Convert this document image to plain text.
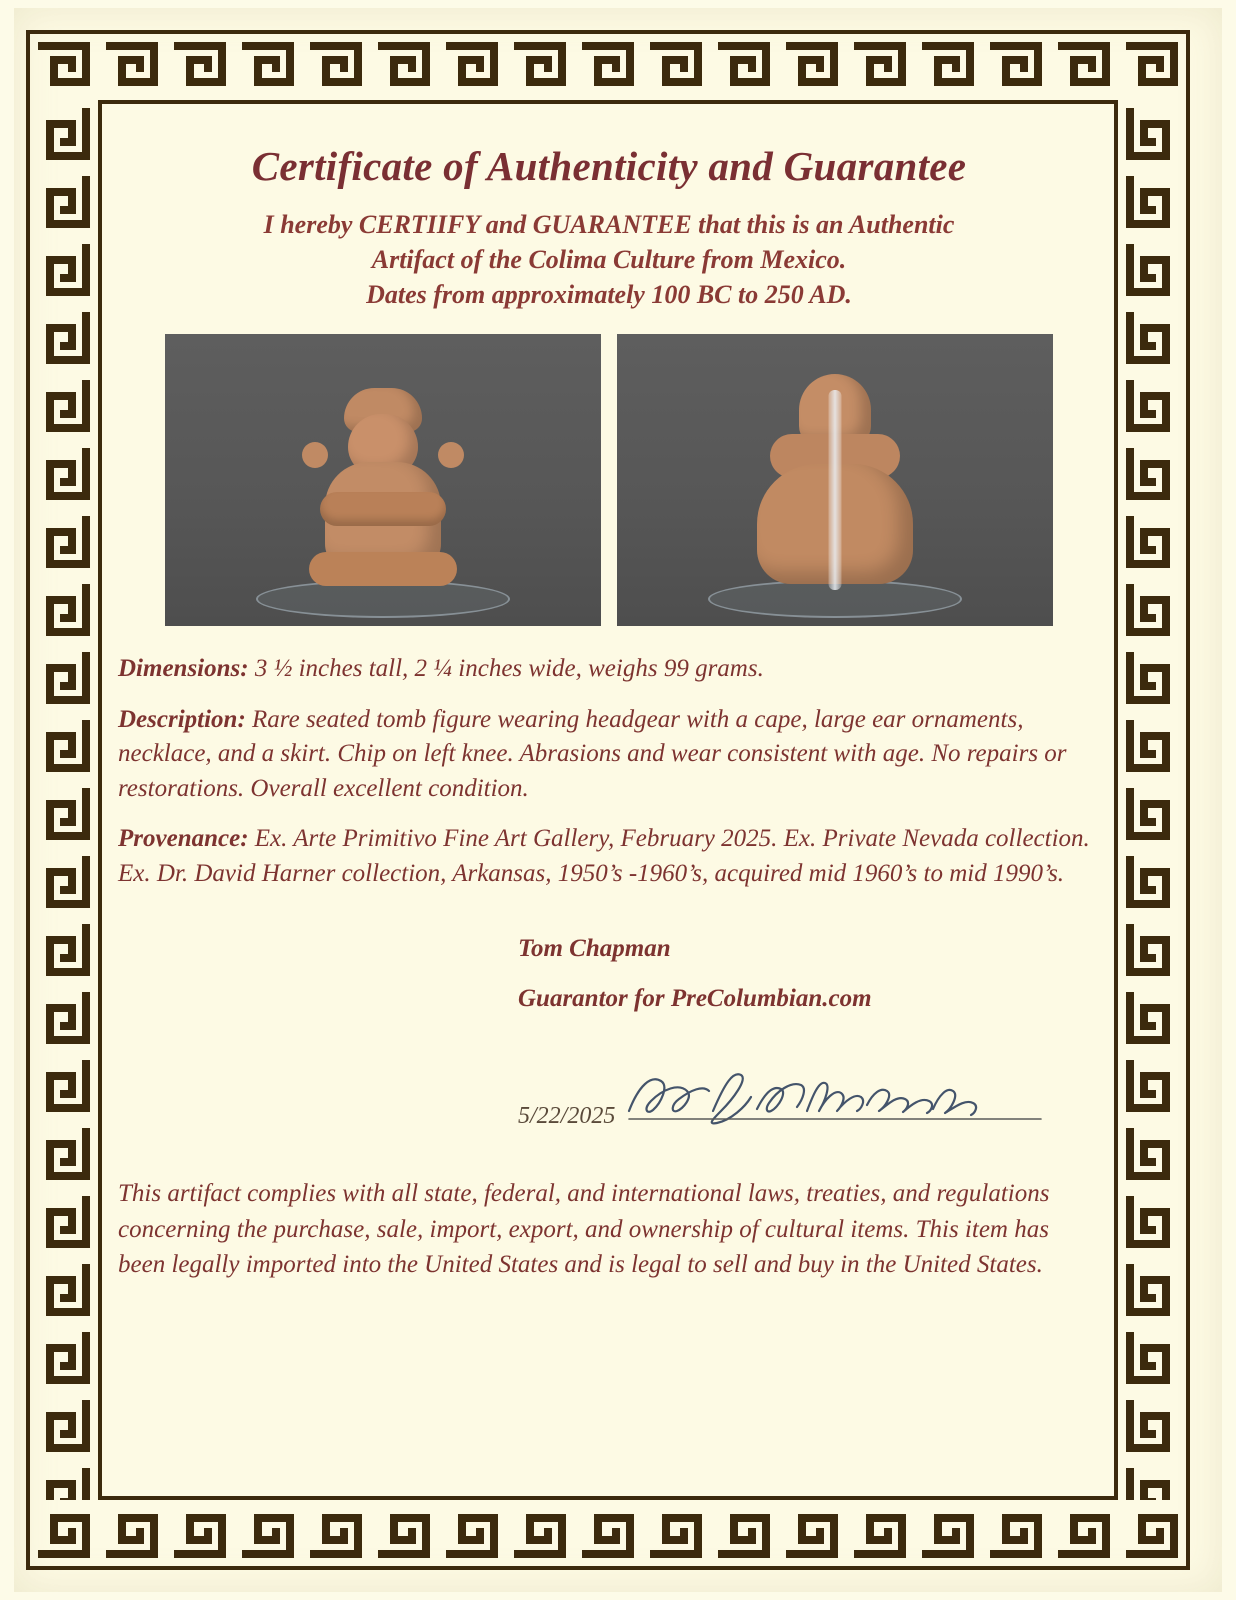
Certificate of Authenticity and Guarantee
I hereby CERTIIFY and GUARANTEE that this is an Authentic
Artifact of the Colima Culture from Mexico.
Dates from approximately 100 BC to 250 AD.

Dimensions: 3 ½ inches tall, 2 ¼ inches wide, weighs 99 grams.

Description: Rare seated tomb figure wearing headgear with a cape, large ear ornaments, necklace, and a skirt. Chip on left knee. Abrasions and wear consistent with age. No repairs or restorations. Overall excellent condition.

Provenance: Ex. Arte Primitivo Fine Art Gallery, February 2025. Ex. Private Nevada collection. Ex. Dr. David Harner collection, Arkansas, 1950’s -1960’s, acquired mid 1960’s to mid 1990’s.

Tom Chapman
Guarantor for PreColumbian.com
5/22/2025
This artifact complies with all state, federal, and international laws, treaties, and regulations concerning the purchase, sale, import, export, and ownership of cultural items. This item has been legally imported into the United States and is legal to sell and buy in the United States.
